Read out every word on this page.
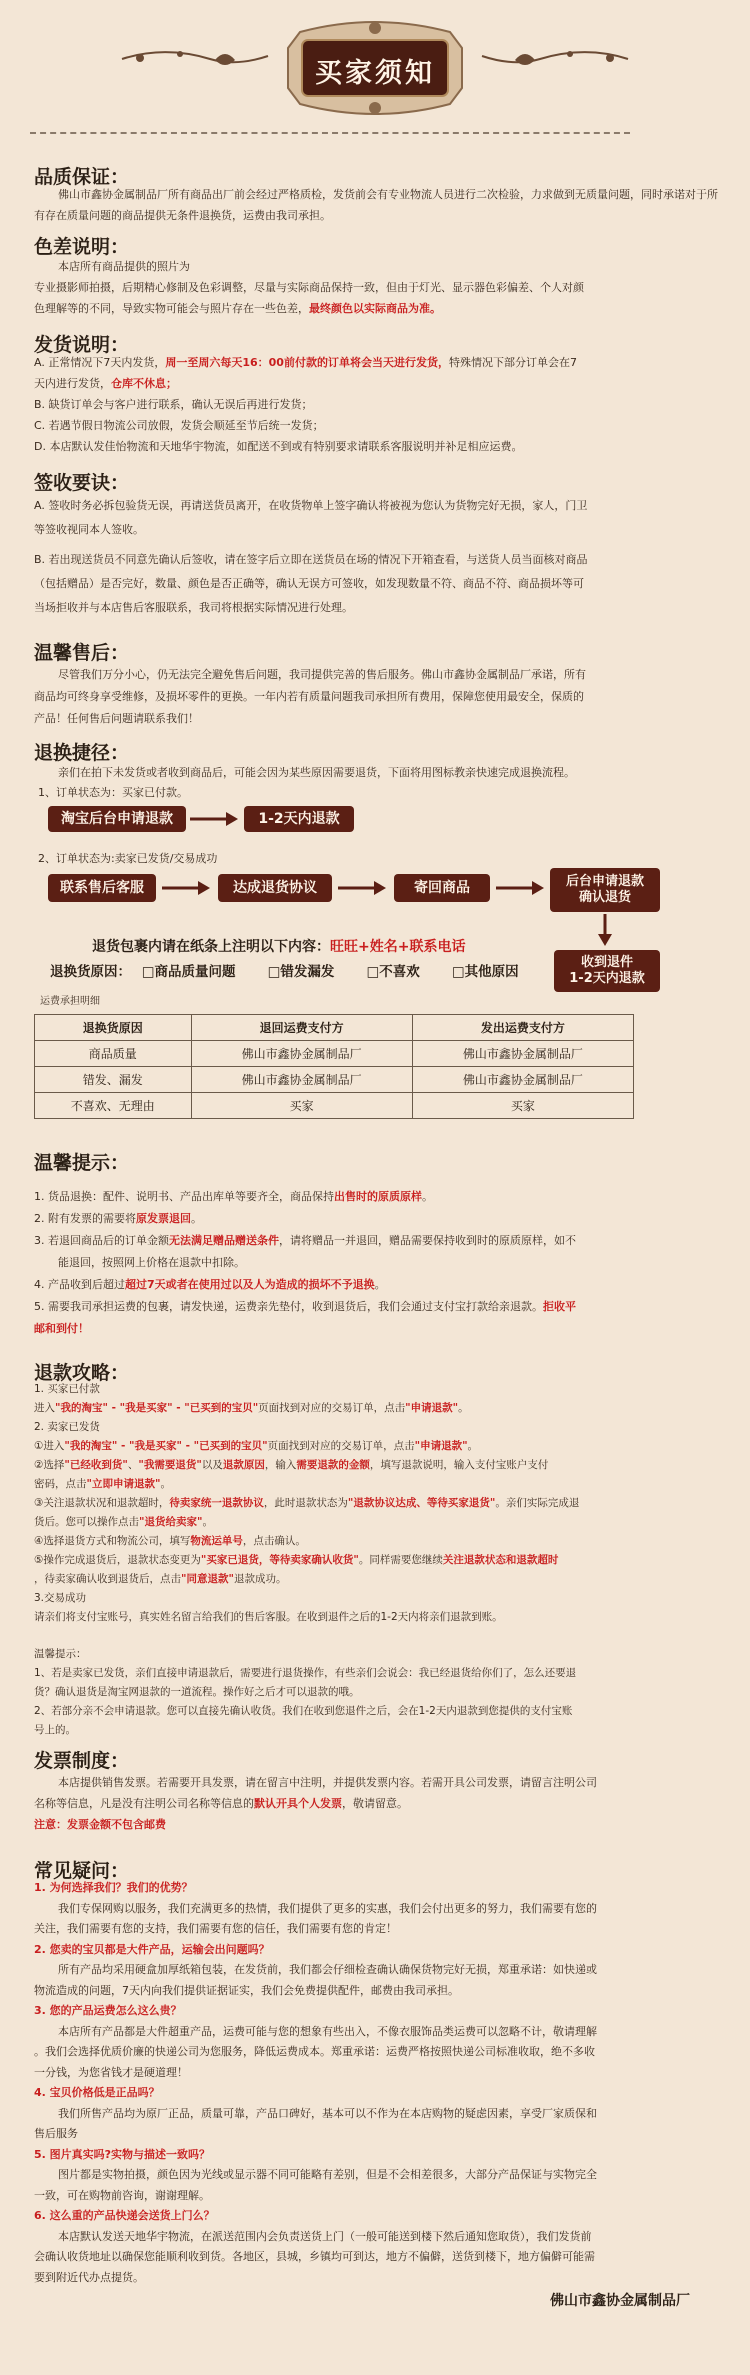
买家须知
品质保证：
佛山市鑫协金属制品厂所有商品出厂前会经过严格质检，发货前会有专业物流人员进行二次检验，力求做到无质量问题，同时承诺对于所有存在质量问题的商品提供无条件退换货，运费由我司承担。
色差说明：
本店所有商品提供的照片为
专业摄影师拍摄，后期精心修制及色彩调整，尽量与实际商品保持一致，但由于灯光、显示器色彩偏差、个人对颜
色理解等的不同，导致实物可能会与照片存在一些色差，最终颜色以实际商品为准。
发货说明：
A. 正常情况下7天内发货，周一至周六每天16：00前付款的订单将会当天进行发货，特殊情况下部分订单会在7
天内进行发货，仓库不休息；
B. 缺货订单会与客户进行联系，确认无误后再进行发货；
C. 若遇节假日物流公司放假，发货会顺延至节后统一发货；
D. 本店默认发佳怡物流和天地华宇物流，如配送不到或有特别要求请联系客服说明并补足相应运费。
签收要诀：
A. 签收时务必拆包验货无误，再请送货员离开，在收货物单上签字确认将被视为您认为货物完好无损，家人，门卫
等签收视同本人签收。
B. 若出现送货员不同意先确认后签收，请在签字后立即在送货员在场的情况下开箱查看，与送货人员当面核对商品
（包括赠品）是否完好，数量、颜色是否正确等，确认无误方可签收，如发现数量不符、商品不符、商品损坏等可
当场拒收并与本店售后客服联系，我司将根据实际情况进行处理。
温馨售后：
尽管我们万分小心，仍无法完全避免售后问题，我司提供完善的售后服务。佛山市鑫协金属制品厂承诺，所有
商品均可终身享受维修，及损坏零件的更换。一年内若有质量问题我司承担所有费用，保障您使用最安全，保质的
产品！任何售后问题请联系我们！
退换捷径：
亲们在拍下未发货或者收到商品后，可能会因为某些原因需要退货，下面将用图标教亲快速完成退换流程。
1、订单状态为：买家已付款。
淘宝后台申请退款	1-2天内退款
2、订单状态为:卖家已发货/交易成功
联系售后客服	达成退货协议	寄回商品	后台申请退款
确认退货
退货包裹内请在纸条上注明以下内容：旺旺+姓名+联系电话
退换货原因： □商品质量问题 □错发漏发 □不喜欢 □其他原因
收到退件
1-2天内退款
运费承担明细
退换货原因	退回运费支付方	发出运费支付方
商品质量	佛山市鑫协金属制品厂	佛山市鑫协金属制品厂
错发、漏发	佛山市鑫协金属制品厂	佛山市鑫协金属制品厂
不喜欢、无理由	买家	买家
温馨提示：
1. 货品退换：配件、说明书、产品出库单等要齐全，商品保持出售时的原质原样。
2. 附有发票的需要将原发票退回。
3. 若退回商品后的订单金额无法满足赠品赠送条件，请将赠品一并退回，赠品需要保持收到时的原质原样，如不
能退回，按照网上价格在退款中扣除。
4. 产品收到后超过超过7天或者在使用过以及人为造成的损坏不予退换。
5. 需要我司承担运费的包裹，请发快递，运费亲先垫付，收到退货后，我们会通过支付宝打款给亲退款。拒收平
邮和到付！
退款攻略：
1. 买家已付款
进入"我的淘宝" - "我是买家" - "已买到的宝贝"页面找到对应的交易订单，点击"申请退款"。
2. 卖家已发货
①进入"我的淘宝" - "我是买家" - "已买到的宝贝"页面找到对应的交易订单，点击"申请退款"。
②选择"已经收到货"、"我需要退货"以及退款原因，输入需要退款的金额，填写退款说明，输入支付宝账户支付
密码，点击"立即申请退款"。
③关注退款状况和退款超时，待卖家统一退款协议，此时退款状态为"退款协议达成、等待买家退货"。亲们实际完成退
货后。您可以操作点击"退货给卖家"。
④选择退货方式和物流公司，填写物流运单号，点击确认。
⑤操作完成退货后，退款状态变更为"买家已退货，等待卖家确认收货"。同样需要您继续关注退款状态和退款超时
，待卖家确认收到退货后，点击"同意退款"退款成功。
3.交易成功
请亲们将支付宝账号，真实姓名留言给我们的售后客服。在收到退件之后的1-2天内将亲们退款到账。
温馨提示：
1、若是卖家已发货，亲们直接申请退款后，需要进行退货操作，有些亲们会说会：我已经退货给你们了，怎么还要退
货？确认退货是淘宝网退款的一道流程。操作好之后才可以退款的哦。
2、若部分亲不会申请退款。您可以直接先确认收货。我们在收到您退件之后，会在1-2天内退款到您提供的支付宝账
号上的。
发票制度：
本店提供销售发票。若需要开具发票，请在留言中注明，并提供发票内容。若需开具公司发票，请留言注明公司
名称等信息，凡是没有注明公司名称等信息的默认开具个人发票，敬请留意。
注意：发票金额不包含邮费
常见疑问：
1. 为何选择我们？我们的优势？
我们专保网购以服务，我们充满更多的热情，我们提供了更多的实惠，我们会付出更多的努力，我们需要有您的
关注，我们需要有您的支持，我们需要有您的信任，我们需要有您的肯定！
2. 您卖的宝贝都是大件产品，运输会出问题吗？
所有产品均采用硬盒加厚纸箱包装，在发货前，我们都会仔细检查确认确保货物完好无损，郑重承诺：如快递或
物流造成的问题，7天内向我们提供证据证实，我们会免费提供配件，邮费由我司承担。
3. 您的产品运费怎么这么贵？
本店所有产品都是大件超重产品，运费可能与您的想象有些出入，不像衣服饰品类运费可以忽略不计，敬请理解
。我们会选择优质价廉的快递公司为您服务，降低运费成本。郑重承诺：运费严格按照快递公司标准收取，绝不多收
一分钱，为您省钱才是硬道理！
4. 宝贝价格低是正品吗？
我们所售产品均为原厂正品，质量可靠，产品口碑好，基本可以不作为在本店购物的疑虑因素，享受厂家质保和
售后服务
5. 图片真实吗?实物与描述一致吗？
图片都是实物拍摄，颜色因为光线或显示器不同可能略有差别，但是不会相差很多，大部分产品保证与实物完全
一致，可在购物前咨询，谢谢理解。
6. 这么重的产品快递会送货上门么？
本店默认发送天地华宇物流，在派送范围内会负责送货上门（一般可能送到楼下然后通知您取货），我们发货前
会确认收货地址以确保您能顺利收到货。各地区，县城，乡镇均可到达，地方不偏僻，送货到楼下，地方偏僻可能需
要到附近代办点提货。
佛山市鑫协金属制品厂
